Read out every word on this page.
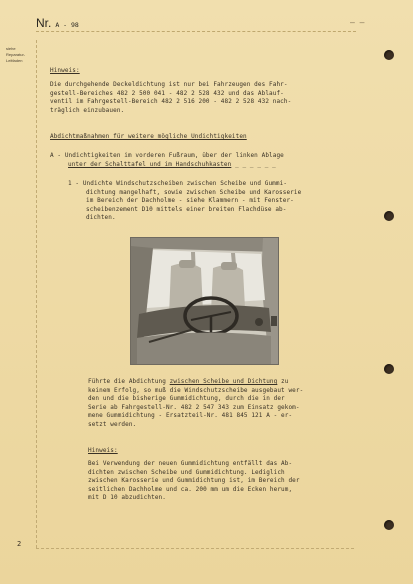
Nr. A - 98	– –
siehe
Reparatur-
Leitfaden
Hinweis:
Die durchgehende Deckeldichtung ist nur bei Fahrzeugen des Fahr-
gestell-Bereiches 482 2 500 041 - 482 2 528 432 und das Ablauf-
ventil im Fahrgestell-Bereich 482 2 516 200 - 482 2 528 432 nach-
träglich einzubauen.
Abdichtmaßnahmen für weitere mögliche Undichtigkeiten
A - Undichtigkeiten im vorderen Fußraum, über der linken Ablage
unter der Schalttafel und im Handschuhkasten _ _ _ _ _ _
1 - Undichte Windschutzscheiben zwischen Scheibe und Gummi-
dichtung mangelhaft, sowie zwischen Scheibe und Karosserie
im Bereich der Dachholme - siehe Klammern - mit Fenster-
scheibenzement D10 mittels einer breiten Flachdüse ab-
dichten.
Führte die Abdichtung zwischen Scheibe und Dichtung zu
keinem Erfolg, so muß die Windschutzscheibe ausgebaut wer-
den und die bisherige Gummidichtung, durch die in der
Serie ab Fahrgestell-Nr. 482 2 547 343 zum Einsatz gekom-
mene Gummidichtung - Ersatzteil-Nr. 481 845 121 A - er-
setzt werden.
Hinweis:
Bei Verwendung der neuen Gummidichtung entfällt das Ab-
dichten zwischen Scheibe und Gummidichtung. Lediglich
zwischen Karosserie und Gummidichtung ist, im Bereich der
seitlichen Dachholme und ca. 200 mm um die Ecken herum,
mit D 10 abzudichten.
2
